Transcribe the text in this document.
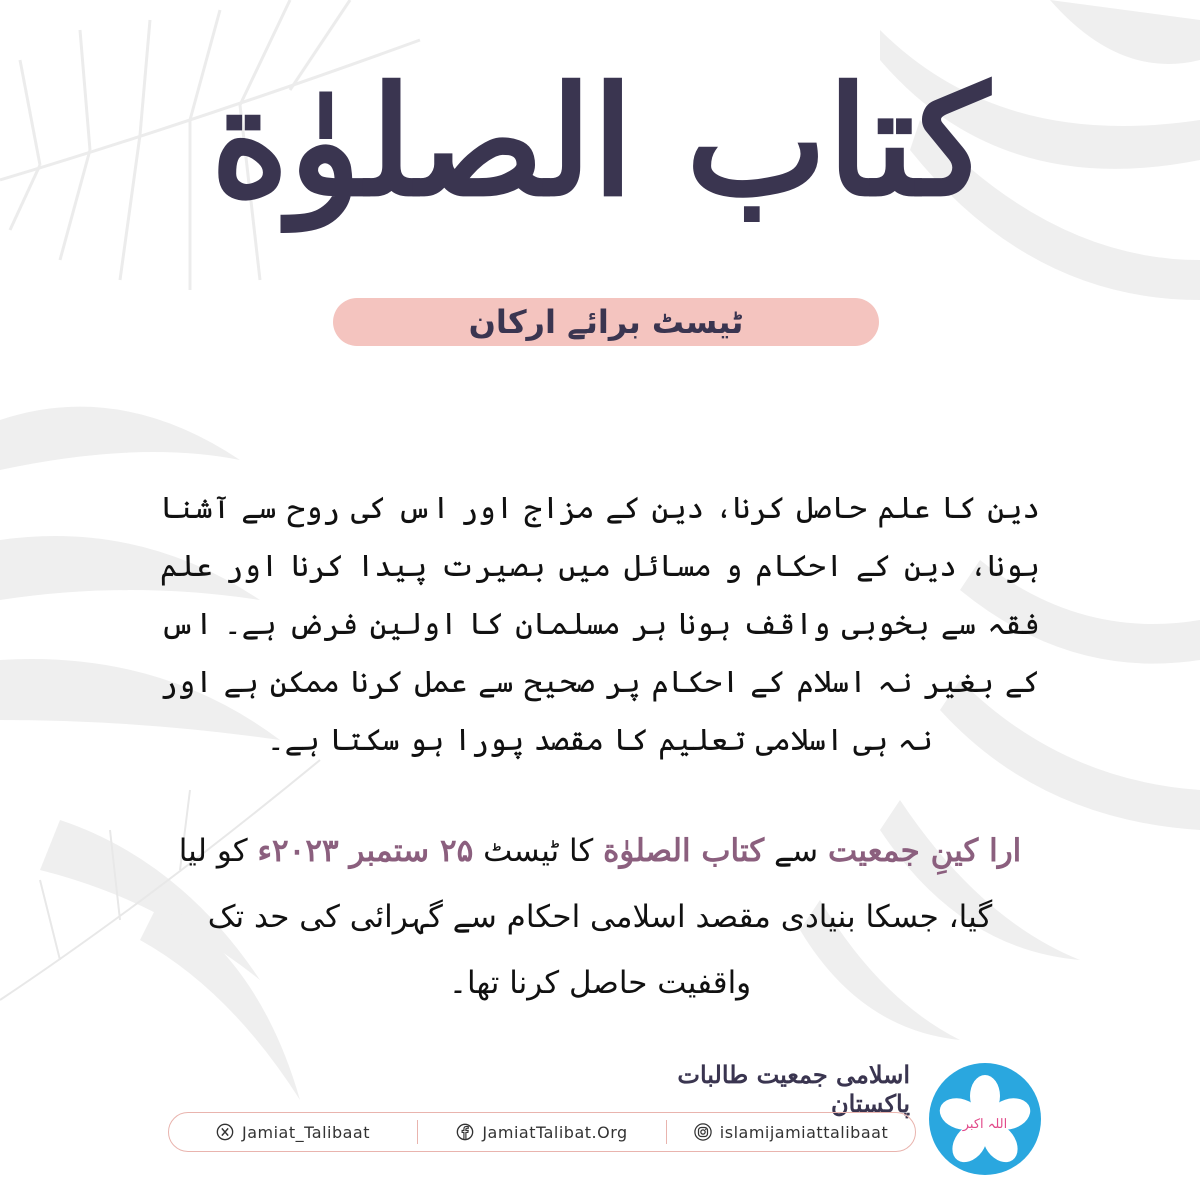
كتاب الصلوٰة
ٹیسٹ برائے ارکان
دین کا علم حاصل کرنا، دین کے مزاج اور اس کی روح سے آشنا ہونا، دین کے احکام و مسائل میں بصیرت پیدا کرنا اور علم فقہ سے بخوبی واقف ہونا ہر مسلمان کا اولین فرض ہے۔ اس کے بغیر نہ اسلام کے احکام پر صحیح سے عمل کرنا ممکن ہے اور نہ ہی اسلامی تعلیم کا مقصد پورا ہو سکتا ہے۔
ارا کینِ جمعیت سے کتاب الصلوٰة کا ٹیسٹ ۲۵ ستمبر ۲۰۲۳ء کو لیا گیا، جسکا بنیادی مقصد اسلامی احکام سے گہرائی کی حد تک واقفیت حاصل کرنا تھا۔
اسلامی جمعیت طالبات پاکستان
اللہ اکبر
Jamiat_Talibaat	JamiatTalibat.Org	islamijamiattalibaat
